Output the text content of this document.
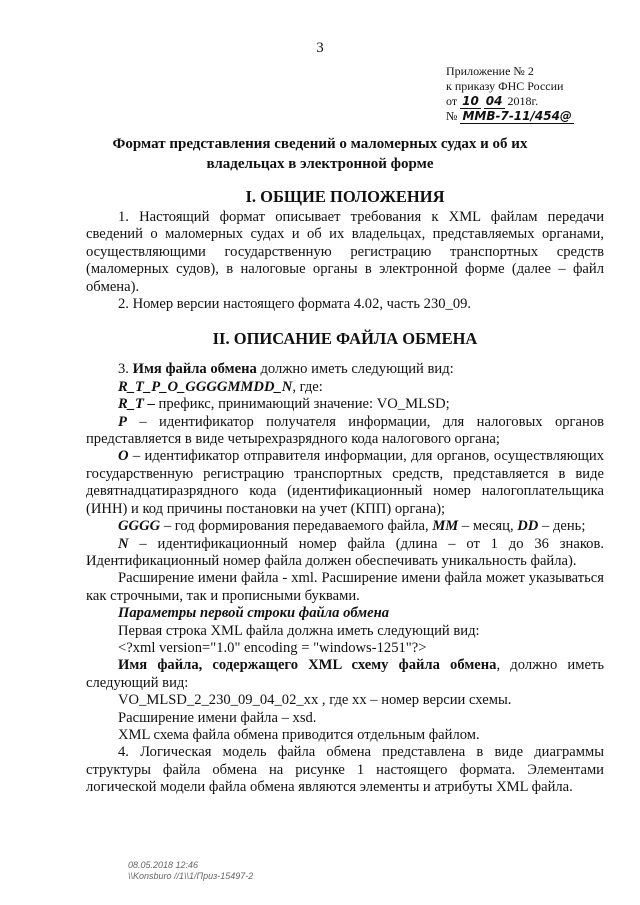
3
Приложение № 2
к приказу ФНС России
от 10 04 2018г.
№ ММВ-7-11/454@
Формат представления сведений о маломерных судах и об их
владельцах в электронной форме
I. ОБЩИЕ ПОЛОЖЕНИЯ

1. Настоящий формат описывает требования к XML файлам передачи сведений о маломерных судах и об их владельцах, представляемых органами, осуществляющими государственную регистрацию транспортных средств (маломерных судов), в налоговые органы в электронной форме (далее – файл обмена).

2. Номер версии настоящего формата 4.02, часть 230_09.

II. ОПИСАНИЕ ФАЙЛА ОБМЕНА

3. Имя файла обмена должно иметь следующий вид:

R_T_P_O_GGGGMMDD_N, где:

R_T – префикс, принимающий значение: VO_MLSD;

P – идентификатор получателя информации, для налоговых органов представляется в виде четырехразрядного кода налогового органа;

O – идентификатор отправителя информации, для органов, осуществляющих государственную регистрацию транспортных средств, представляется в виде девятнадцатиразрядного кода (идентификационный номер налогоплательщика (ИНН) и код причины постановки на учет (КПП) органа);

GGGG – год формирования передаваемого файла, MM – месяц, DD – день;

N – идентификационный номер файла (длина – от 1 до 36 знаков. Идентификационный номер файла должен обеспечивать уникальность файла).

Расширение имени файла - xml. Расширение имени файла может указываться как строчными, так и прописными буквами.

Параметры первой строки файла обмена

Первая строка XML файла должна иметь следующий вид:

<?xml version="1.0" encoding = "windows-1251"?>

Имя файла, содержащего XML схему файла обмена, должно иметь следующий вид:

VO_MLSD_2_230_09_04_02_xx , где xx – номер версии схемы.

Расширение имени файла – xsd.

XML схема файла обмена приводится отдельным файлом.

4. Логическая модель файла обмена представлена в виде диаграммы структуры файла обмена на рисунке 1 настоящего формата. Элементами логической модели файла обмена являются элементы и атрибуты XML файла.

08.05.2018 12:46
\\Konsburo //1\\1/Приз-15497-2
